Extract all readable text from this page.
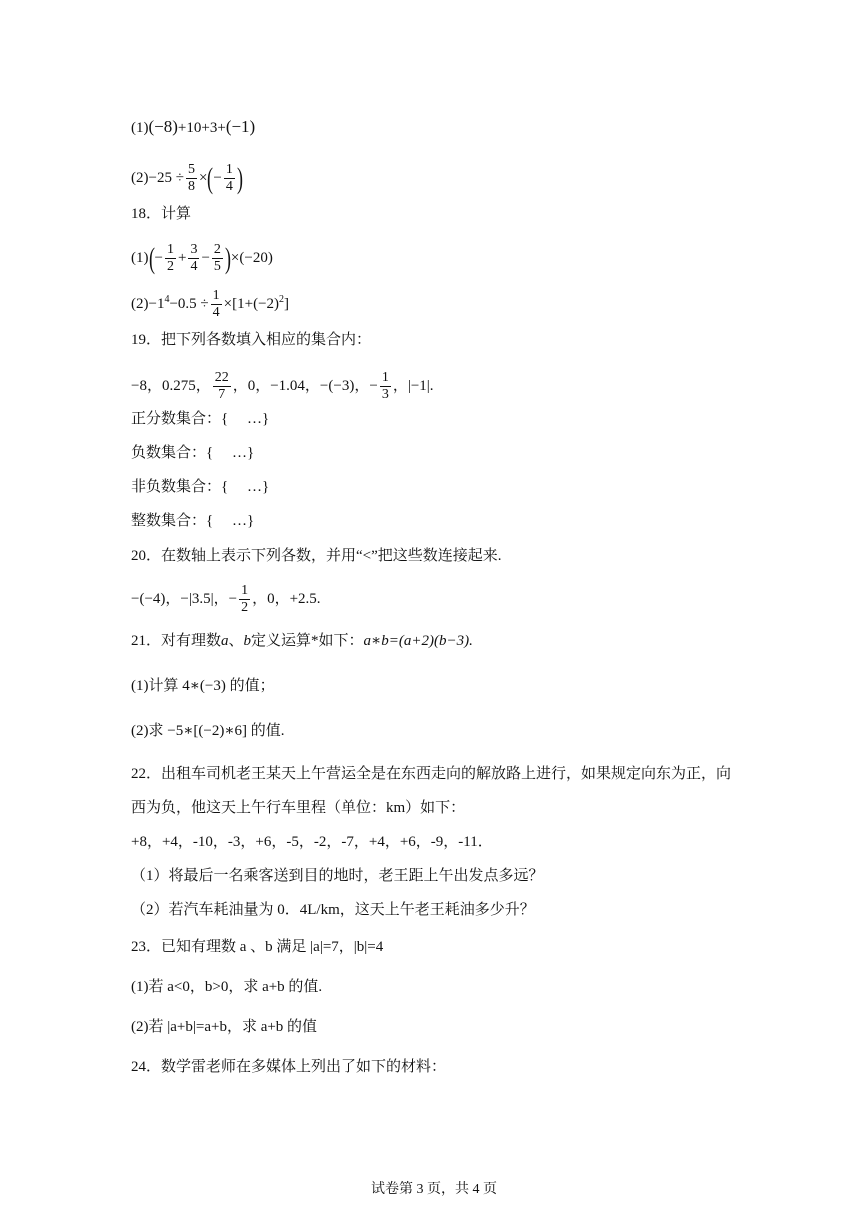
(1)(−8)+10+3+(−1)
$(2)-25 \div \frac{5}{8}$ ×(− $\frac{1}{4}$ )
18．计算
$(1)(- \frac{1}{2} + \frac{3}{4} - \frac{2}{5} )\times(-20)$
$(2)-1^4-0.5 \div \frac{1}{4} \times[1+(-2)^2]$
19．把下列各数填入相应的集合内：
−8，0.275， $\frac{22}{7}$ ，0，−1.04，−(−3)，− $\frac{1}{3}$ ，|−1|.
正分数集合：{　 …}
负数集合：{　 …}
非负数集合：{　 …}
整数集合：{　 …}
20．在数轴上表示下列各数，并用“<”把这些数连接起来.
−(−4)，−|3.5|，− $\frac{1}{2}$ ，0，+2.5.
21．对有理数a、b定义运算*如下：a∗b=(a+2)(b−3).
(1)计算 4∗(−3) 的值；
(2)求 −5∗[(−2)∗6] 的值.
22．出租车司机老王某天上午营运全是在东西走向的解放路上进行，如果规定向东为正，向
西为负，他这天上午行车里程（单位：km）如下：
+8，+4，-10，-3，+6，-5，-2，-7，+4，+6，-9，-11．
（1）将最后一名乘客送到目的地时，老王距上午出发点多远？
（2）若汽车耗油量为 0．4L/km，这天上午老王耗油多少升？
23．已知有理数 a 、b 满足 |a|=7，|b|=4
(1)若 a<0，b>0，求 a+b 的值.
(2)若 |a+b|=a+b，求 a+b 的值
24．数学雷老师在多媒体上列出了如下的材料：
试卷第 3 页，共 4 页
